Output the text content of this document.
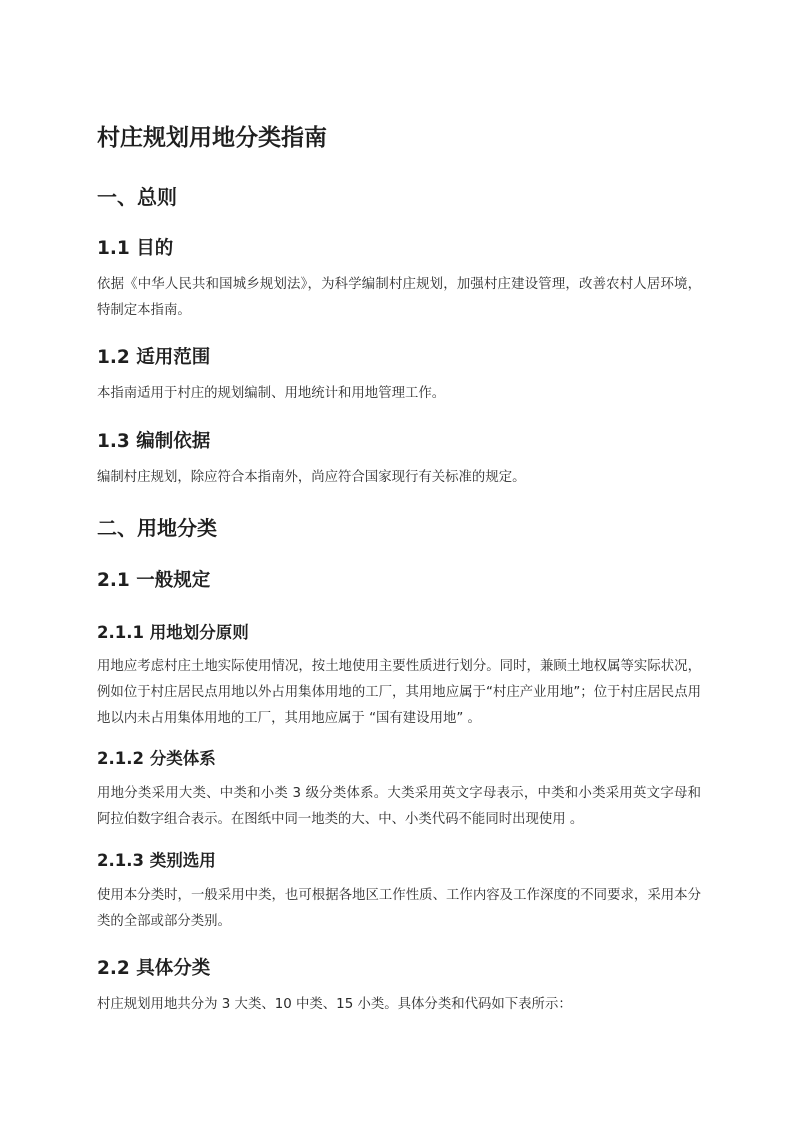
村庄规划用地分类指南
一、总则
1.1 目的

依据《中华人民共和国城乡规划法》，为科学编制村庄规划，加强村庄建设管理，改善农村人居环境，特制定本指南。

1.2 适用范围

本指南适用于村庄的规划编制、用地统计和用地管理工作。

1.3 编制依据

编制村庄规划，除应符合本指南外，尚应符合国家现行有关标准的规定。

二、用地分类
2.1 一般规定
2.1.1 用地划分原则

用地应考虑村庄土地实际使用情况，按土地使用主要性质进行划分。同时，兼顾土地权属等实际状况，例如位于村庄居民点用地以外占用集体用地的工厂，其用地应属于“村庄产业用地”；位于村庄居民点用地以内未占用集体用地的工厂，其用地应属于 “国有建设用地” 。

2.1.2 分类体系

用地分类采用大类、中类和小类 3 级分类体系。大类采用英文字母表示，中类和小类采用英文字母和阿拉伯数字组合表示。在图纸中同一地类的大、中、小类代码不能同时出现使用 。

2.1.3 类别选用

使用本分类时，一般采用中类，也可根据各地区工作性质、工作内容及工作深度的不同要求，采用本分类的全部或部分类别。

2.2 具体分类

村庄规划用地共分为 3 大类、10 中类、15 小类。具体分类和代码如下表所示：
